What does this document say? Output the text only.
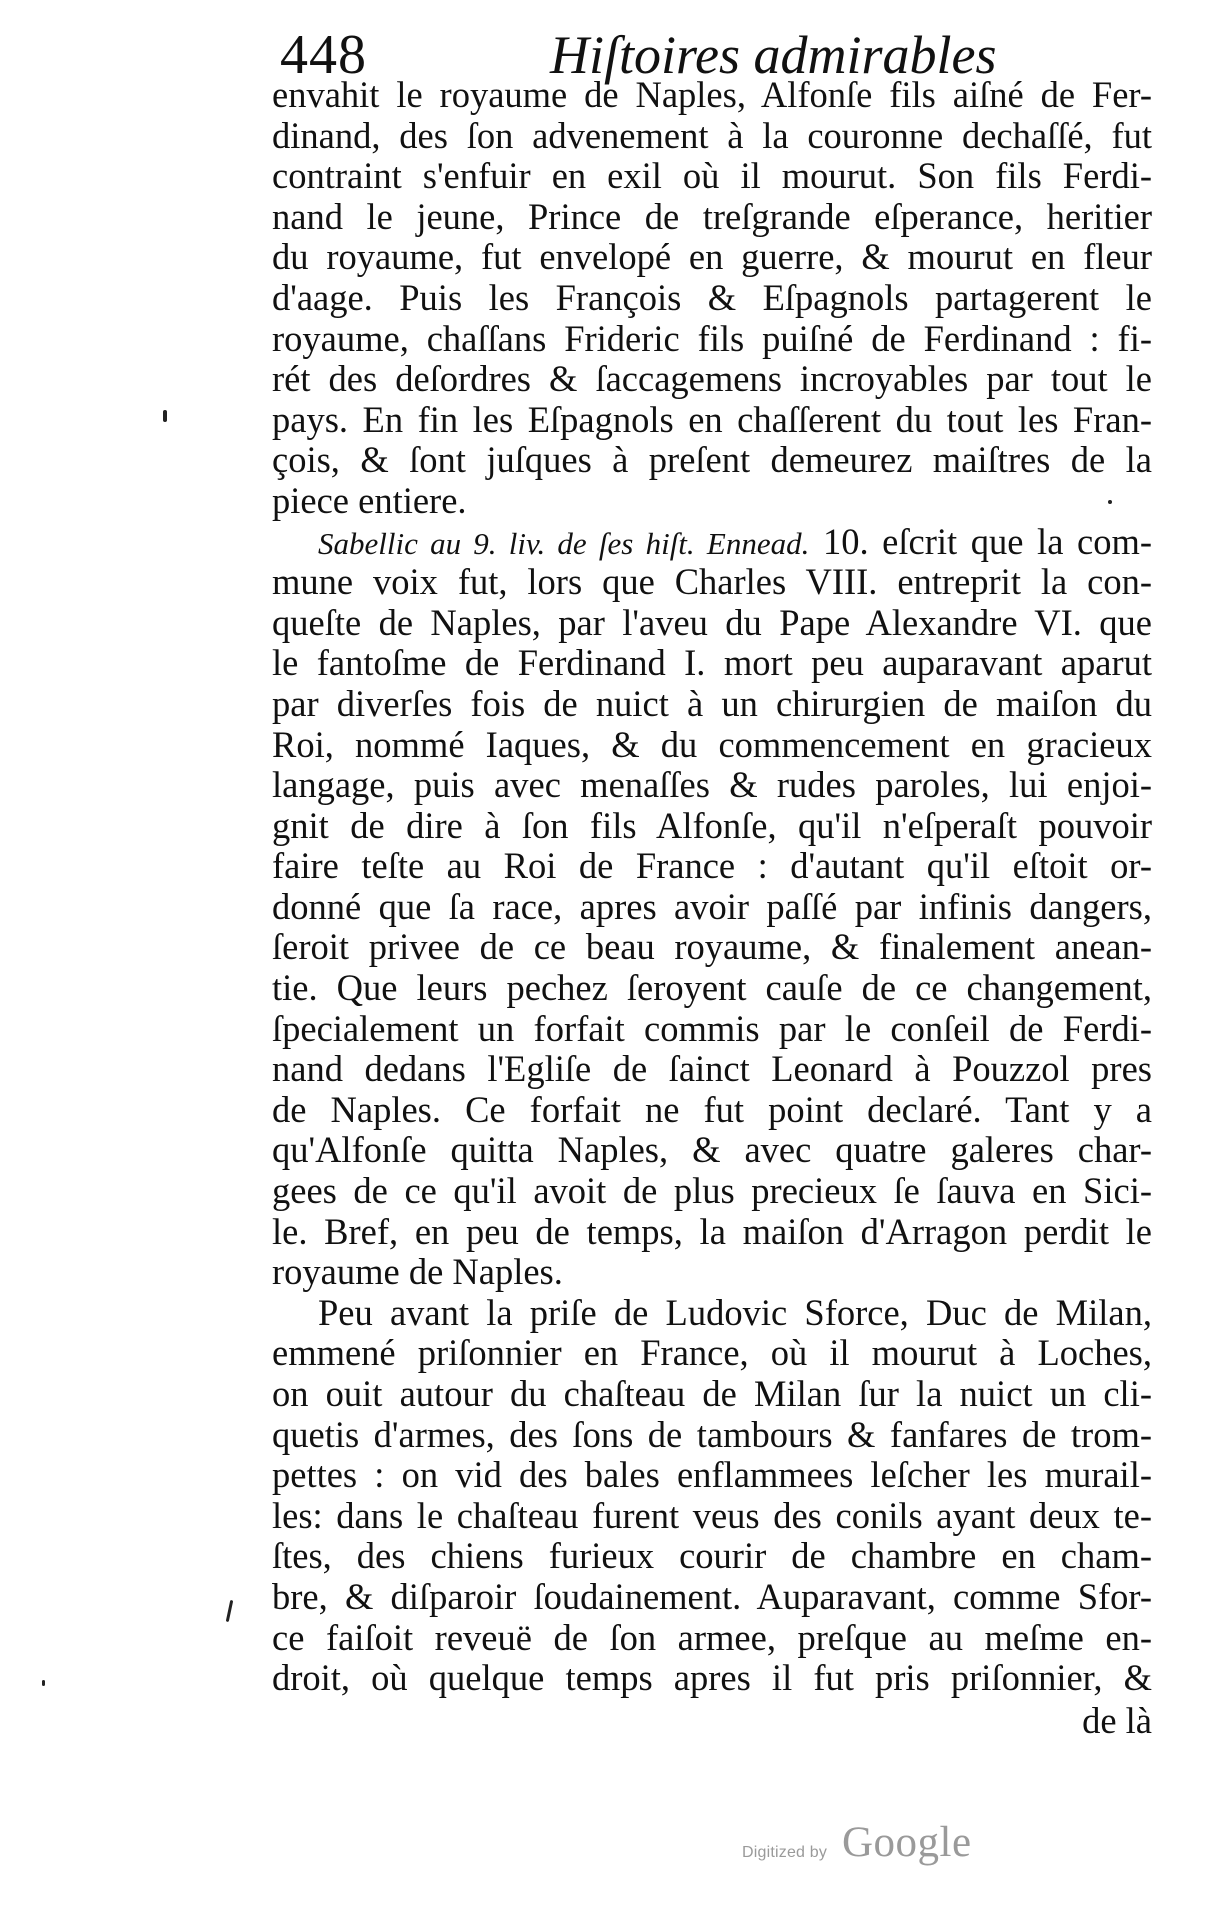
448	Hiſtoires admirables
envahit le royaume de Naples, Alfonſe fils aiſné de Fer-
dinand, des ſon advenement à la couronne dechaſſé, fut
contraint s'enfuir en exil où il mourut. Son fils Ferdi-
nand le jeune, Prince de treſgrande eſperance, heritier
du royaume, fut envelopé en guerre, & mourut en fleur
d'aage. Puis les François & Eſpagnols partagerent le
royaume, chaſſans Frideric fils puiſné de Ferdinand : fi-
rét des deſordres & ſaccagemens incroyables par tout le
pays. En fin les Eſpagnols en chaſſerent du tout les Fran-
çois, & ſont juſques à preſent demeurez maiſtres de la
piece entiere.
Sabellic au 9. liv. de ſes hiſt. Ennead. 10. eſcrit que la com-
mune voix fut, lors que Charles VIII. entreprit la con-
queſte de Naples, par l'aveu du Pape Alexandre VI. que
le fantoſme de Ferdinand I. mort peu auparavant aparut
par diverſes fois de nuict à un chirurgien de maiſon du
Roi, nommé Iaques, & du commencement en gracieux
langage, puis avec menaſſes & rudes paroles, lui enjoi-
gnit de dire à ſon fils Alfonſe, qu'il n'eſperaſt pouvoir
faire teſte au Roi de France : d'autant qu'il eſtoit or-
donné que ſa race, apres avoir paſſé par infinis dangers,
ſeroit privee de ce beau royaume, & finalement anean-
tie. Que leurs pechez ſeroyent cauſe de ce changement,
ſpecialement un forfait commis par le conſeil de Ferdi-
nand dedans l'Egliſe de ſainct Leonard à Pouzzol pres
de Naples. Ce forfait ne fut point declaré. Tant y a
qu'Alfonſe quitta Naples, & avec quatre galeres char-
gees de ce qu'il avoit de plus precieux ſe ſauva en Sici-
le. Bref, en peu de temps, la maiſon d'Arragon perdit le
royaume de Naples.
Peu avant la priſe de Ludovic Sforce, Duc de Milan,
emmené priſonnier en France, où il mourut à Loches,
on ouit autour du chaſteau de Milan ſur la nuict un cli-
quetis d'armes, des ſons de tambours & fanfares de trom-
pettes : on vid des bales enflammees leſcher les murail-
les: dans le chaſteau furent veus des conils ayant deux te-
ſtes, des chiens furieux courir de chambre en cham-
bre, & diſparoir ſoudainement. Auparavant, comme Sfor-
ce faiſoit reveuë de ſon armee, preſque au meſme en-
droit, où quelque temps apres il fut pris priſonnier, &
de là
Digitized by Google
